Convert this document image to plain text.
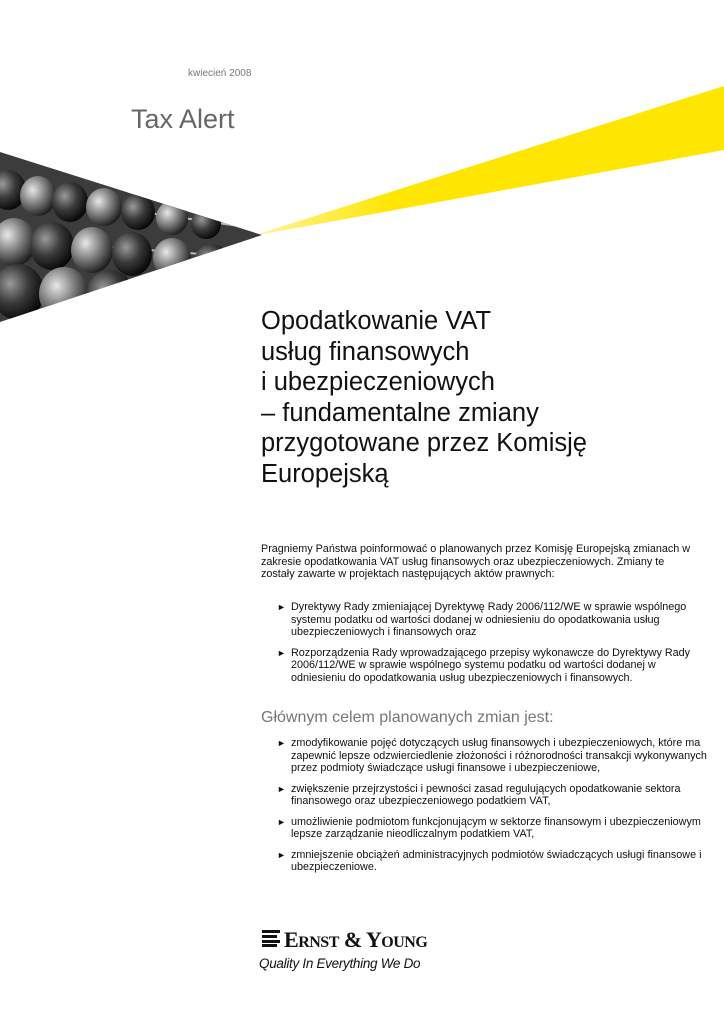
kwiecień 2008
Tax Alert
Opodatkowanie VAT
usług finansowych
i ubezpieczeniowych
– fundamentalne zmiany
przygotowane przez Komisję
Europejską
Pragniemy Państwa poinformować o planowanych przez Komisję Europejską zmianach w zakresie opodatkowania VAT usług finansowych oraz ubezpieczeniowych. Zmiany te zostały zawarte w projektach następujących aktów prawnych:
► Dyrektywy Rady zmieniającej Dyrektywę Rady 2006/112/WE w sprawie wspólnego systemu podatku od wartości dodanej w odniesieniu do opodatkowania usług ubezpieczeniowych i finansowych oraz
► Rozporządzenia Rady wprowadzającego przepisy wykonawcze do Dyrektywy Rady 2006/112/WE w sprawie wspólnego systemu podatku od wartości dodanej w odniesieniu do opodatkowania usług ubezpieczeniowych i finansowych.
Głównym celem planowanych zmian jest:
► zmodyfikowanie pojęć dotyczących usług finansowych i ubezpieczeniowych, które ma zapewnić lepsze odzwierciedlenie złożoności i różnorodności transakcji wykonywanych przez podmioty świadczące usługi finansowe i ubezpieczeniowe,
► zwiększenie przejrzystości i pewności zasad regulujących opodatkowanie sektora finansowego oraz ubezpieczeniowego podatkiem VAT,
► umożliwienie podmiotom funkcjonującym w sektorze finansowym i ubezpieczeniowym lepsze zarządzanie nieodliczalnym podatkiem VAT,
► zmniejszenie obciążeń administracyjnych podmiotów świadczących usługi finansowe i ubezpieczeniowe.
ERNST & YOUNG
Quality In Everything We Do
